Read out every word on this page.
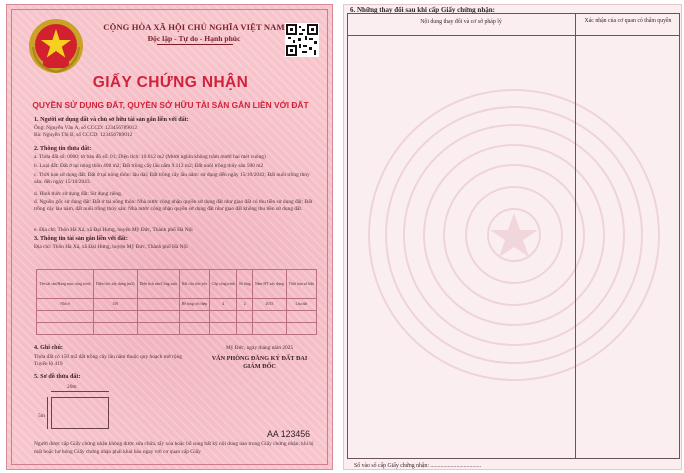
CỘNG HÒA XÃ HỘI CHỦ NGHĨA VIỆT NAM
Độc lập - Tự do - Hạnh phúc
GIẤY CHỨNG NHẬN
QUYỀN SỬ DỤNG ĐẤT, QUYỀN SỞ HỮU TÀI SẢN GẮN LIỀN VỚI ĐẤT
1. Người sử dụng đất và chủ sở hữu tài sản gắn liền với đất:
Ông: Nguyễn Văn A, số CCCD: 123456789012
Bà: Nguyễn Thị B, số CCCD: 123456789012
2. Thông tin thửa đất:
a. Thửa đất số: 0000; tờ bản đồ số: 01; Diện tích: 10.012 m2 (Mười nghìn không trăm mười hai mét vuông)
b. Loại đất: Đất ở tại nông thôn 400 m2; Đất trồng cây lâu năm 9.112 m2; Đất nuôi trồng thủy sản 500 m2
c. Thời hạn sử dụng đất: Đất ở tại nông thôn: lâu dài; Đất trồng cây lâu năm: sử dụng đến ngày 15/10/2043; Đất nuôi trồng thủy sản: đến ngày 15/10/2043.
d. Hình thức sử dụng đất: Sử dụng riêng.
đ. Nguồn gốc sử dụng đất: Đất ở tại nông thôn: Nhà nước công nhận quyền sử dụng đất như giao đất có thu tiền sử dụng đất; Đất trồng cây lâu năm, đất nuôi trồng thủy sản: Nhà nước công nhận quyền sử dụng đất như giao đất không thu tiền sử dụng đất.
e. Địa chỉ: Thôn Hà Xá, xã Đại Hưng, huyện Mỹ Đức, Thành phố Hà Nội
3. Thông tin tài sản gắn liền với đất:
Địa chỉ: Thôn Hà Xá, xã Đại Hưng, huyện Mỹ Đức, Thành phố Hà Nội
Tên tài sản/Hạng mục công trình	Diện tích xây dựng (m2)	Diện tích sàn/Công suất	Kết cấu chủ yếu	Cấp công trình	Số tầng	Năm HT xây dựng	Thời hạn sở hữu
Nhà ở	150		Bê tông cốt thép	4	2	2015	Lâu dài

4. Ghi chú:
Thửa đất có 150 m2 đất trồng cây lâu năm thuộc quy hoạch mở rộng Tuyến lộ 419
Mỹ Đức, ngày tháng năm 2025
VĂN PHÒNG ĐĂNG KÝ ĐẤT ĐAI
GIÁM ĐỐC
5. Sơ đồ thửa đất:
20m
5m
AA 123456
Người được cấp Giấy chứng nhận không được sửa chữa, tẩy xóa hoặc bổ sung bất kỳ nội dung nào trong Giấy chứng nhận; khi bị mất hoặc hư hỏng Giấy chứng nhận phải khai báo ngay với cơ quan cấp Giấy
6. Những thay đổi sau khi cấp Giấy chứng nhận:
Nội dung thay đổi và cơ sở pháp lý	Xác nhận của cơ quan có thẩm quyền
Số vào sổ cấp Giấy chứng nhận: ...................................
